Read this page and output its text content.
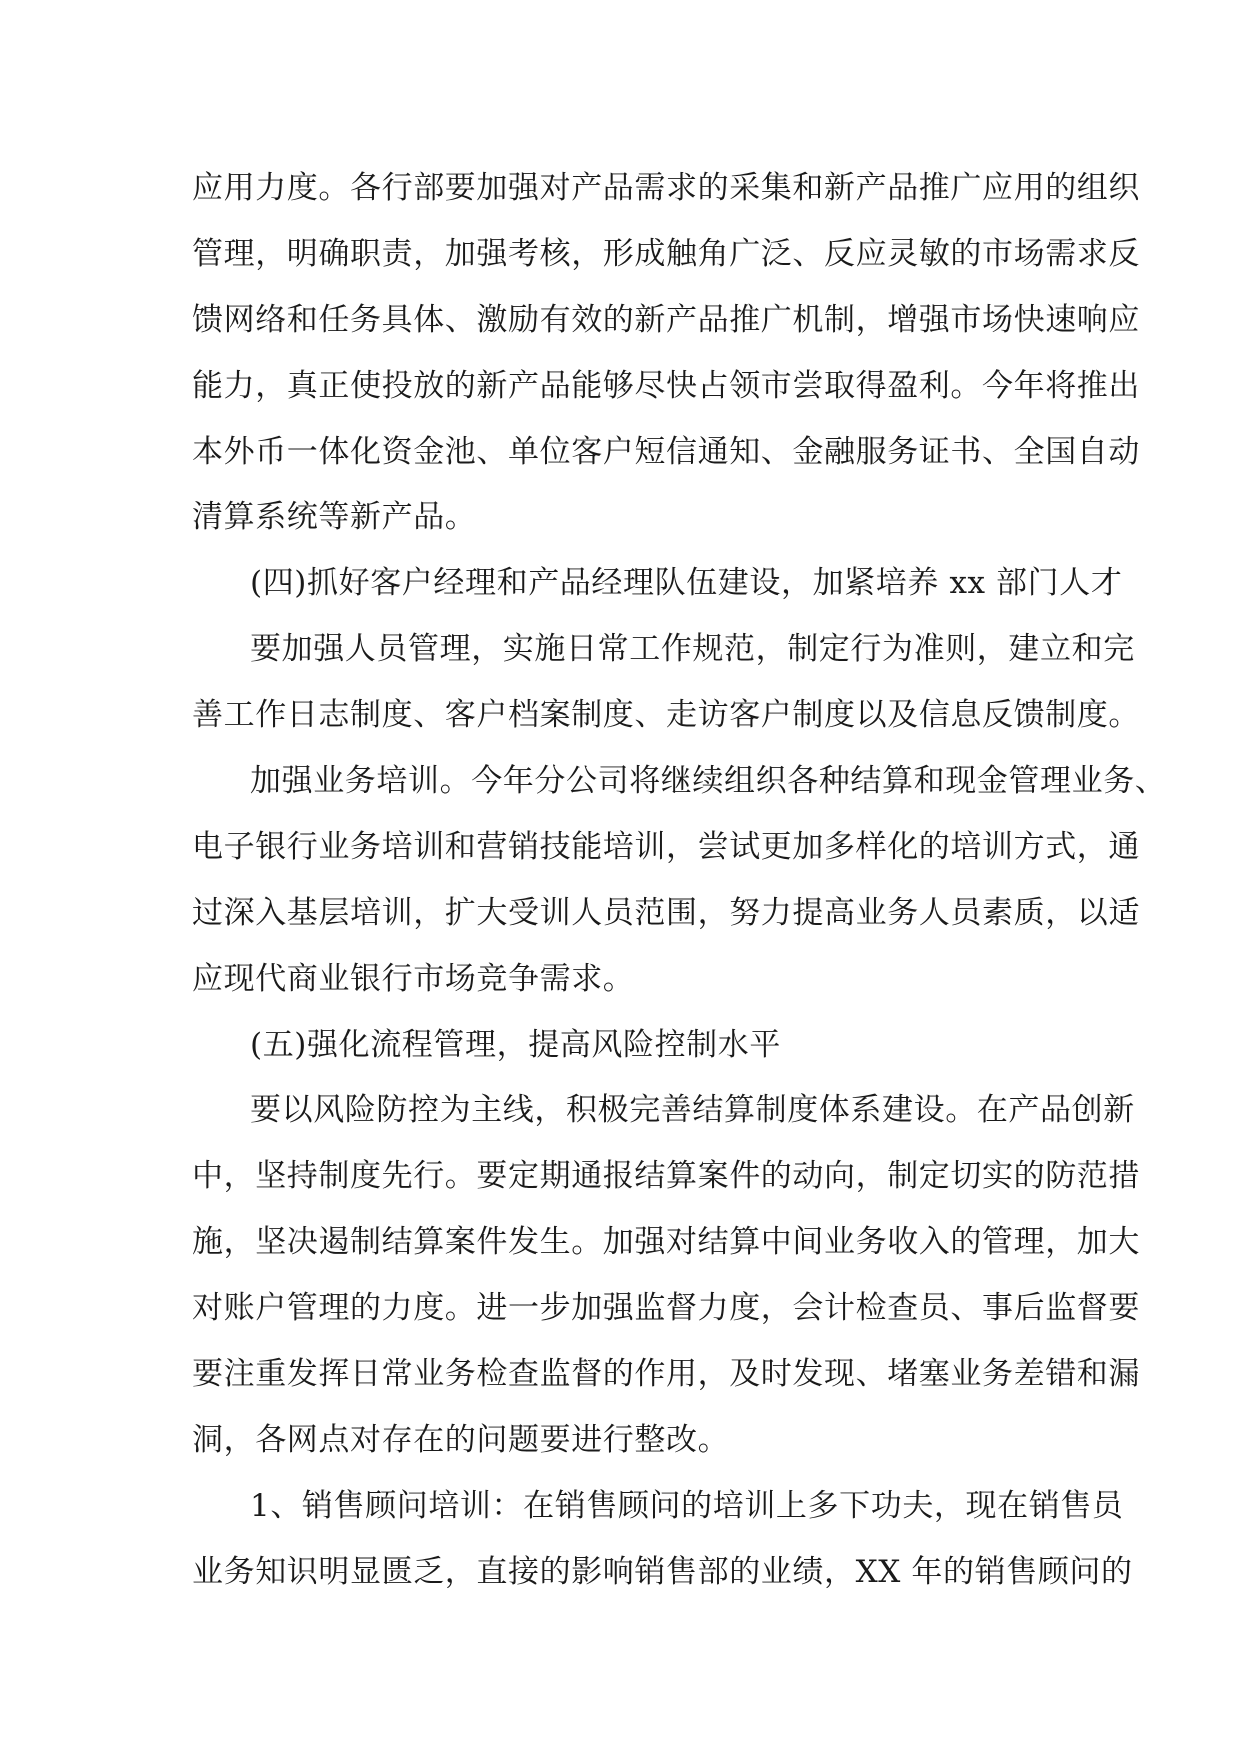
应用力度。各行部要加强对产品需求的采集和新产品推广应用的组织
管理，明确职责，加强考核，形成触角广泛、反应灵敏的市场需求反
馈网络和任务具体、激励有效的新产品推广机制，增强市场快速响应
能力，真正使投放的新产品能够尽快占领市尝取得盈利。今年将推出
本外币一体化资金池、单位客户短信通知、金融服务证书、全国自动
清算系统等新产品。
(四)抓好客户经理和产品经理队伍建设，加紧培养 xx 部门人才
要加强人员管理，实施日常工作规范，制定行为准则，建立和完
善工作日志制度、客户档案制度、走访客户制度以及信息反馈制度。
加强业务培训。今年分公司将继续组织各种结算和现金管理业务、
电子银行业务培训和营销技能培训，尝试更加多样化的培训方式，通
过深入基层培训，扩大受训人员范围，努力提高业务人员素质，以适
应现代商业银行市场竞争需求。
(五)强化流程管理，提高风险控制水平
要以风险防控为主线，积极完善结算制度体系建设。在产品创新
中，坚持制度先行。要定期通报结算案件的动向，制定切实的防范措
施，坚决遏制结算案件发生。加强对结算中间业务收入的管理，加大
对账户管理的力度。进一步加强监督力度，会计检查员、事后监督要
要注重发挥日常业务检查监督的作用，及时发现、堵塞业务差错和漏
洞，各网点对存在的问题要进行整改。
1、销售顾问培训：在销售顾问的培训上多下功夫，现在销售员
业务知识明显匮乏，直接的影响销售部的业绩，XX 年的销售顾问的
